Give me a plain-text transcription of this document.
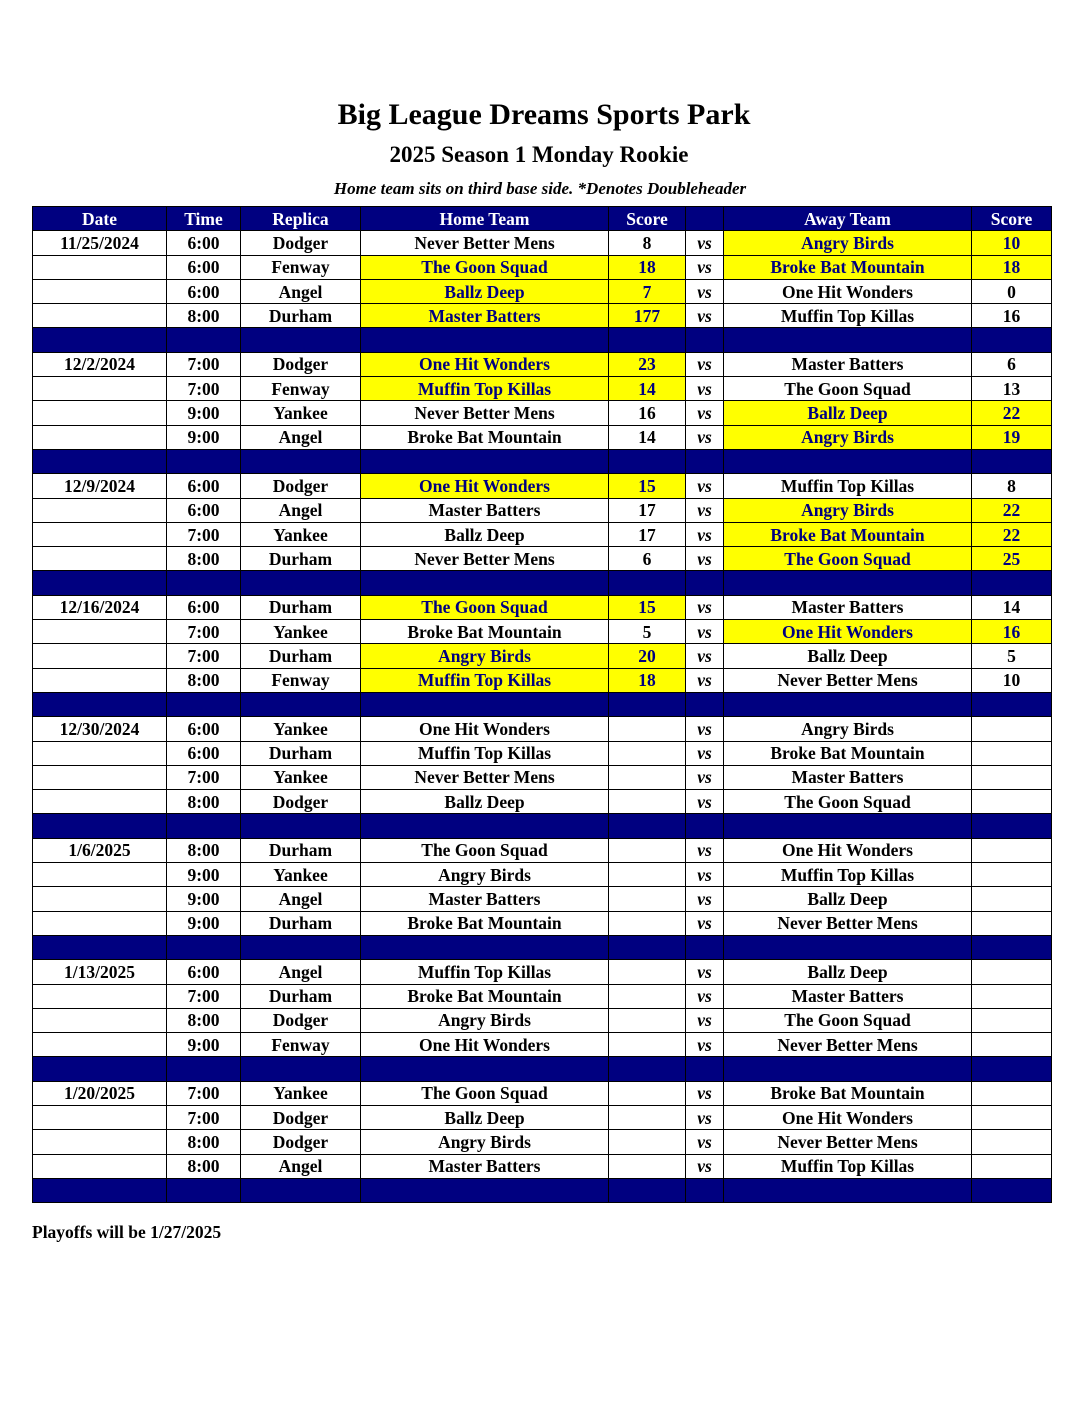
Big League Dreams Sports Park
2025 Season 1 Monday Rookie
Home team sits on third base side. *Denotes Doubleheader
Date	Time	Replica	Home Team	Score		Away Team	Score
11/25/2024	6:00	Dodger	Never Better Mens	8	vs	Angry Birds	10
	6:00	Fenway	The Goon Squad	18	vs	Broke Bat Mountain	18
	6:00	Angel	Ballz Deep	7	vs	One Hit Wonders	0
	8:00	Durham	Master Batters	177	vs	Muffin Top Killas	16

12/2/2024	7:00	Dodger	One Hit Wonders	23	vs	Master Batters	6
	7:00	Fenway	Muffin Top Killas	14	vs	The Goon Squad	13
	9:00	Yankee	Never Better Mens	16	vs	Ballz Deep	22
	9:00	Angel	Broke Bat Mountain	14	vs	Angry Birds	19

12/9/2024	6:00	Dodger	One Hit Wonders	15	vs	Muffin Top Killas	8
	6:00	Angel	Master Batters	17	vs	Angry Birds	22
	7:00	Yankee	Ballz Deep	17	vs	Broke Bat Mountain	22
	8:00	Durham	Never Better Mens	6	vs	The Goon Squad	25

12/16/2024	6:00	Durham	The Goon Squad	15	vs	Master Batters	14
	7:00	Yankee	Broke Bat Mountain	5	vs	One Hit Wonders	16
	7:00	Durham	Angry Birds	20	vs	Ballz Deep	5
	8:00	Fenway	Muffin Top Killas	18	vs	Never Better Mens	10

12/30/2024	6:00	Yankee	One Hit Wonders		vs	Angry Birds	
	6:00	Durham	Muffin Top Killas		vs	Broke Bat Mountain	
	7:00	Yankee	Never Better Mens		vs	Master Batters	
	8:00	Dodger	Ballz Deep		vs	The Goon Squad	

1/6/2025	8:00	Durham	The Goon Squad		vs	One Hit Wonders	
	9:00	Yankee	Angry Birds		vs	Muffin Top Killas	
	9:00	Angel	Master Batters		vs	Ballz Deep	
	9:00	Durham	Broke Bat Mountain		vs	Never Better Mens	

1/13/2025	6:00	Angel	Muffin Top Killas		vs	Ballz Deep	
	7:00	Durham	Broke Bat Mountain		vs	Master Batters	
	8:00	Dodger	Angry Birds		vs	The Goon Squad	
	9:00	Fenway	One Hit Wonders		vs	Never Better Mens	

1/20/2025	7:00	Yankee	The Goon Squad		vs	Broke Bat Mountain	
	7:00	Dodger	Ballz Deep		vs	One Hit Wonders	
	8:00	Dodger	Angry Birds		vs	Never Better Mens	
	8:00	Angel	Master Batters		vs	Muffin Top Killas	

Playoffs will be 1/27/2025
